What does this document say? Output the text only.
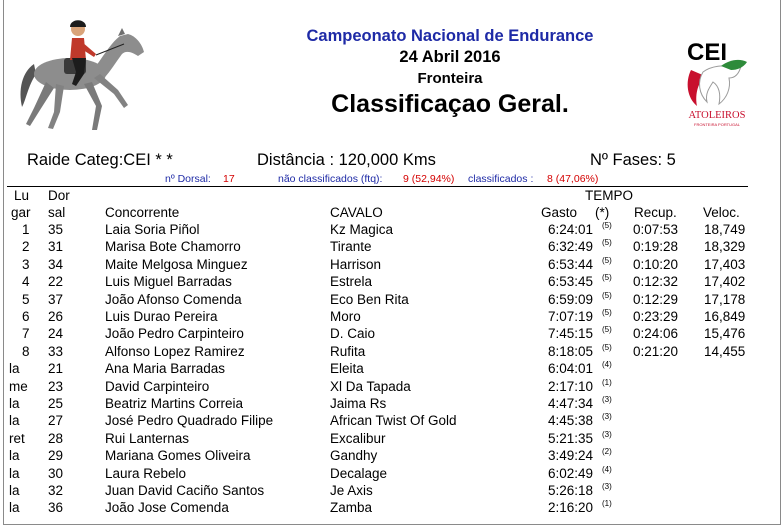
CEI
ATOLEIROS
FRONTEIRA PORTUGAL
Campeonato Nacional de Endurance
24 Abril 2016
Fronteira
Classificaçao Geral.
Raide Categ:CEI * *	Distância : 120,000 Kms	Nº Fases: 5
nº Dorsal: 17	não classificados (ftq): 9 (52,94%) classificados : 8 (47,06%)
Lu
gar
Dor
sal	Concorrente	CAVALO
TEMPO
Gasto (*) Recup. Veloc.
1 35	Laia Soria Piñol	Kz Magica	6:24:01 (5) 0:07:53 18,749
2 31	Marisa Bote Chamorro	Tirante	6:32:49 (5) 0:19:28 18,329
3 34	Maite Melgosa Minguez	Harrison	6:53:44 (5) 0:10:20 17,403
4 22	Luis Miguel Barradas	Estrela	6:53:45 (5) 0:12:32 17,402
5 37	João Afonso Comenda	Eco Ben Rita	6:59:09 (5) 0:12:29 17,178
6 26	Luis Durao Pereira	Moro	7:07:19 (5) 0:23:29 16,849
7 24	João Pedro Carpinteiro	D. Caio	7:45:15 (5) 0:24:06 15,476
8 33	Alfonso Lopez Ramirez	Rufita	8:18:05 (5) 0:21:20 14,455
la 21	Ana Maria Barradas	Eleita	6:04:01 (4)
me 23	David Carpinteiro	Xl Da Tapada	2:17:10 (1)
la 25	Beatriz Martins Correia	Jaima Rs	4:47:34 (3)
la 27	José Pedro Quadrado Filipe	African Twist Of Gold	4:45:38 (3)
ret 28	Rui Lanternas	Excalibur	5:21:35 (3)
la 29	Mariana Gomes Oliveira	Gandhy	3:49:24 (2)
la 30	Laura Rebelo	Decalage	6:02:49 (4)
la 32	Juan David Caciño Santos	Je Axis	5:26:18 (3)
la 36	João Jose Comenda	Zamba	2:16:20 (1)
